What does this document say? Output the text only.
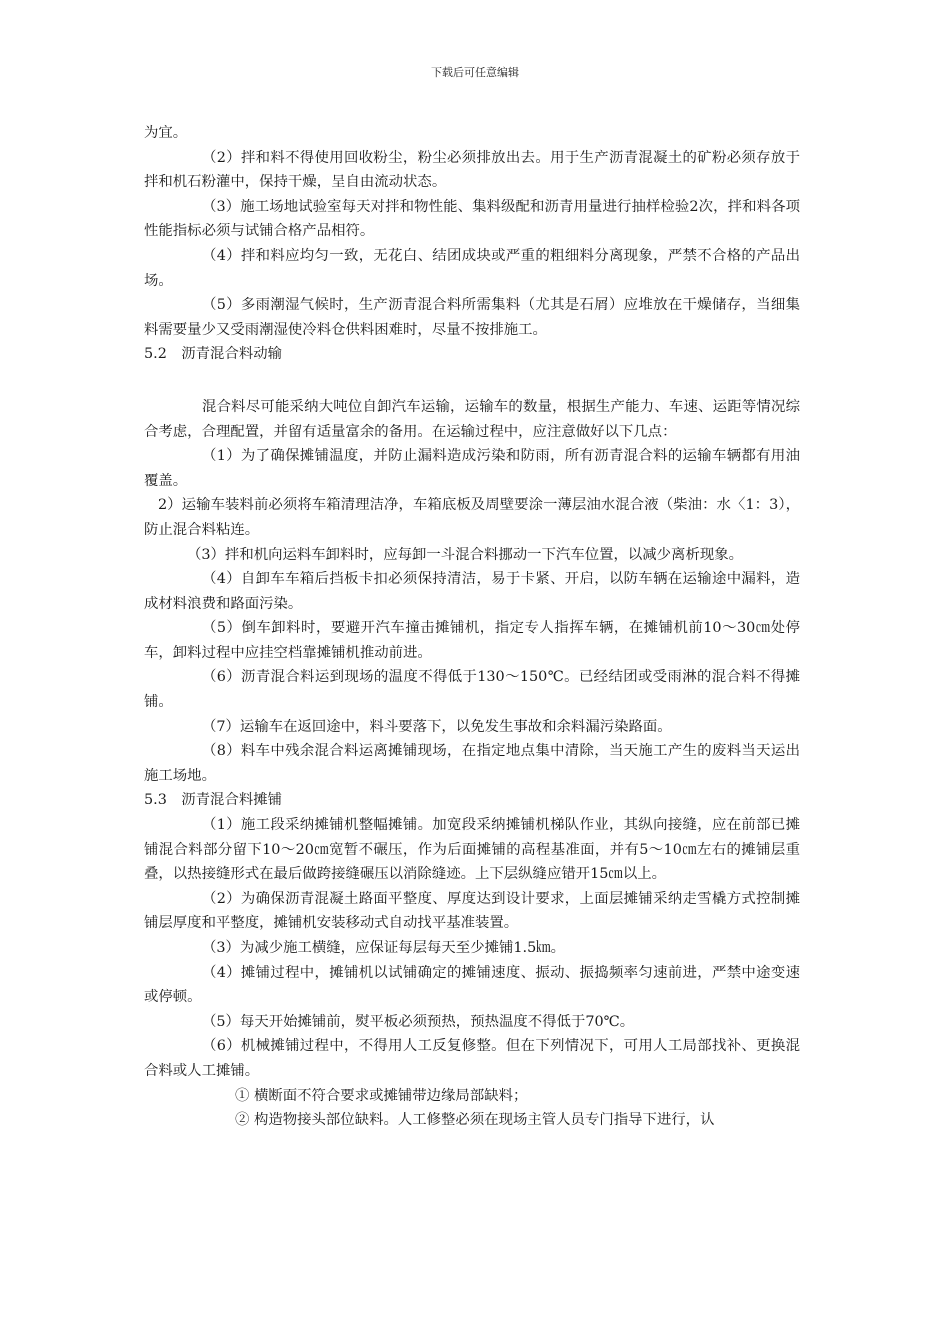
下载后可任意编辑

为宜。

（2）拌和料不得使用回收粉尘，粉尘必须排放出去。用于生产沥青混凝土的矿粉必须存放于拌和机石粉灌中，保持干燥，呈自由流动状态。

（3）施工场地试验室每天对拌和物性能、集料级配和沥青用量进行抽样检验2次，拌和料各项性能指标必须与试铺合格产品相符。

（4）拌和料应均匀一致，无花白、结团成块或严重的粗细料分离现象，严禁不合格的产品出场。

（5）多雨潮湿气候时，生产沥青混合料所需集料（尤其是石屑）应堆放在干燥储存，当细集料需要量少又受雨潮湿使冷料仓供料困难时，尽量不按排施工。

5.2　沥青混合料动输

混合料尽可能采纳大吨位自卸汽车运输，运输车的数量，根据生产能力、车速、运距等情况综合考虑，合理配置，并留有适量富余的备用。在运输过程中，应注意做好以下几点：

（1）为了确保摊铺温度，并防止漏料造成污染和防雨，所有沥青混合料的运输车辆都有用油覆盖。

2）运输车装料前必须将车箱清理洁净，车箱底板及周壁要涂一薄层油水混合液（柴油：水〈1：3），防止混合料粘连。

（3）拌和机向运料车卸料时，应每卸一斗混合料挪动一下汽车位置，以减少离析现象。

（4）自卸车车箱后挡板卡扣必须保持清洁，易于卡紧、开启，以防车辆在运输途中漏料，造成材料浪费和路面污染。

（5）倒车卸料时，要避开汽车撞击摊铺机，指定专人指挥车辆，在摊铺机前10～30㎝处停车，卸料过程中应挂空档靠摊铺机推动前进。

（6）沥青混合料运到现场的温度不得低于130～150℃。已经结团或受雨淋的混合料不得摊铺。

（7）运输车在返回途中，料斗要落下，以免发生事故和余料漏污染路面。

（8）料车中残余混合料运离摊铺现场，在指定地点集中清除，当天施工产生的废料当天运出施工场地。

5.3　沥青混合料摊铺

（1）施工段采纳摊铺机整幅摊铺。加宽段采纳摊铺机梯队作业，其纵向接缝，应在前部已摊铺混合料部分留下10～20㎝宽暂不碾压，作为后面摊铺的高程基准面，并有5～10㎝左右的摊铺层重叠，以热接缝形式在最后做跨接缝碾压以消除缝迹。上下层纵缝应错开15㎝以上。

（2）为确保沥青混凝土路面平整度、厚度达到设计要求，上面层摊铺采纳走雪橇方式控制摊铺层厚度和平整度，摊铺机安装移动式自动找平基准装置。

（3）为减少施工横缝，应保证每层每天至少摊铺1.5㎞。

（4）摊铺过程中，摊铺机以试铺确定的摊铺速度、振动、振捣频率匀速前进，严禁中途变速或停顿。

（5）每天开始摊铺前，熨平板必须预热，预热温度不得低于70℃。

（6）机械摊铺过程中，不得用人工反复修整。但在下列情况下，可用人工局部找补、更换混合料或人工摊铺。

① 横断面不符合要求或摊铺带边缘局部缺料；

② 构造物接头部位缺料。人工修整必须在现场主管人员专门指导下进行，认
